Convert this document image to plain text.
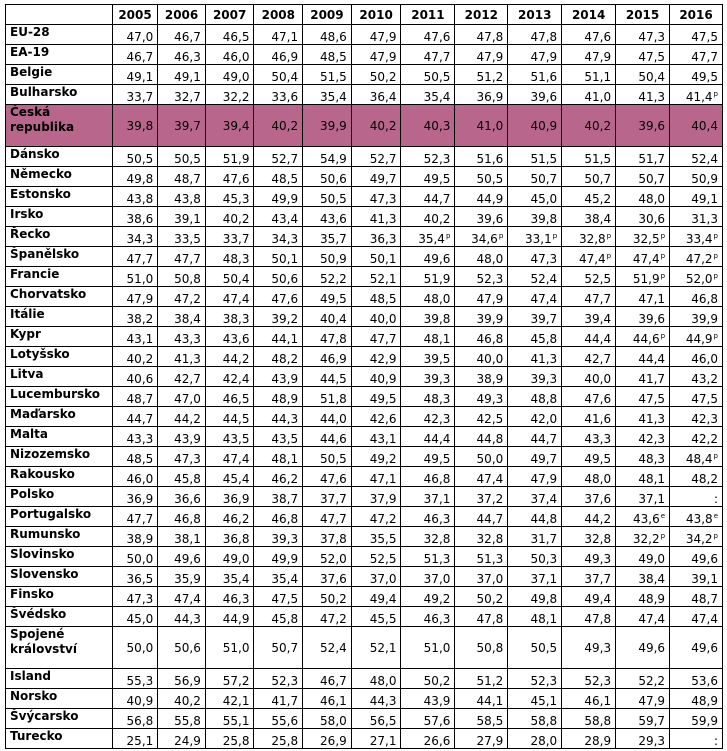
	2005	2006	2007	2008	2009	2010	2011	2012	2013	2014	2015	2016
EU-28	47,0	46,7	46,5	47,1	48,6	47,9	47,6	47,8	47,8	47,6	47,3	47,5
EA-19	46,7	46,3	46,0	46,9	48,5	47,9	47,7	47,9	47,9	47,9	47,5	47,7
Belgie	49,1	49,1	49,0	50,4	51,5	50,2	50,5	51,2	51,6	51,1	50,4	49,5
Bulharsko	33,7	32,7	32,2	33,6	35,4	36,4	35,4	36,9	39,6	41,0	41,3	41,4$^p$
Česká republika	39,8	39,7	39,4	40,2	39,9	40,2	40,3	41,0	40,9	40,2	39,6	40,4
Dánsko	50,5	50,5	51,9	52,7	54,9	52,7	52,3	51,6	51,5	51,5	51,7	52,4
Německo	49,8	48,7	47,6	48,5	50,6	49,7	49,5	50,5	50,7	50,7	50,7	50,9
Estonsko	43,8	43,8	45,3	49,9	50,5	47,3	44,7	44,9	45,0	45,2	48,0	49,1
Irsko	38,6	39,1	40,2	43,4	43,6	41,3	40,2	39,6	39,8	38,4	30,6	31,3
Řecko	34,3	33,5	33,7	34,3	35,7	36,3	35,4$^p$	34,6$^p$	33,1$^p$	32,8$^p$	32,5$^p$	33,4$^p$
Španělsko	47,7	47,7	48,3	50,1	50,9	50,1	49,6	48,0	47,3	47,4$^p$	47,4$^p$	47,2$^p$
Francie	51,0	50,8	50,4	50,6	52,2	52,1	51,9	52,3	52,4	52,5	51,9$^p$	52,0$^p$
Chorvatsko	47,9	47,2	47,4	47,6	49,5	48,5	48,0	47,9	47,4	47,7	47,1	46,8
Itálie	38,2	38,4	38,3	39,2	40,4	40,0	39,8	39,9	39,7	39,4	39,6	39,9
Kypr	43,1	43,3	43,6	44,1	47,8	47,7	48,1	46,8	45,8	44,4	44,6$^p$	44,9$^p$
Lotyšsko	40,2	41,3	44,2	48,2	46,9	42,9	39,5	40,0	41,3	42,7	44,4	46,0
Litva	40,6	42,7	42,4	43,9	44,5	40,9	39,3	38,9	39,3	40,0	41,7	43,2
Lucembursko	48,7	47,0	46,5	48,9	51,8	49,5	48,3	49,3	48,8	47,6	47,5	47,5
Maďarsko	44,7	44,2	44,5	44,3	44,0	42,6	42,3	42,5	42,0	41,6	41,3	42,3
Malta	43,3	43,9	43,5	43,5	44,6	43,1	44,4	44,8	44,7	43,3	42,3	42,2
Nizozemsko	48,5	47,3	47,4	48,1	50,5	49,2	49,5	50,0	49,7	49,5	48,3	48,4$^p$
Rakousko	46,0	45,8	45,4	46,2	47,6	47,1	46,8	47,4	47,9	48,0	48,1	48,2
Polsko	36,9	36,6	36,9	38,7	37,7	37,9	37,1	37,2	37,4	37,6	37,1	:
Portugalsko	47,7	46,8	46,2	46,8	47,7	47,2	46,3	44,7	44,8	44,2	43,6e	43,8e
Rumunsko	38,9	38,1	36,8	39,3	37,8	35,5	32,8	32,8	31,7	32,8	32,2$^p$	34,2$^p$
Slovinsko	50,0	49,6	49,0	49,9	52,0	52,5	51,3	51,3	50,3	49,3	49,0	49,6
Slovensko	36,5	35,9	35,4	35,4	37,6	37,0	37,0	37,0	37,1	37,7	38,4	39,1
Finsko	47,3	47,4	46,3	47,5	50,2	49,4	49,2	50,2	49,8	49,4	48,9	48,7
Švédsko	45,0	44,3	44,9	45,8	47,2	45,5	46,3	47,8	48,1	47,8	47,4	47,4
Spojené království	50,0	50,6	51,0	50,7	52,4	52,1	51,0	50,8	50,5	49,3	49,6	49,6
Island	55,3	56,9	57,2	52,3	46,7	48,0	50,2	51,2	52,3	52,3	52,2	53,6
Norsko	40,9	40,2	42,1	41,7	46,1	44,3	43,9	44,1	45,1	46,1	47,9	48,9
Švýcarsko	56,8	55,8	55,1	55,6	58,0	56,5	57,6	58,5	58,8	58,8	59,7	59,9
Turecko	25,1	24,9	25,8	25,8	26,9	27,1	26,6	27,9	28,0	28,9	29,3	:
